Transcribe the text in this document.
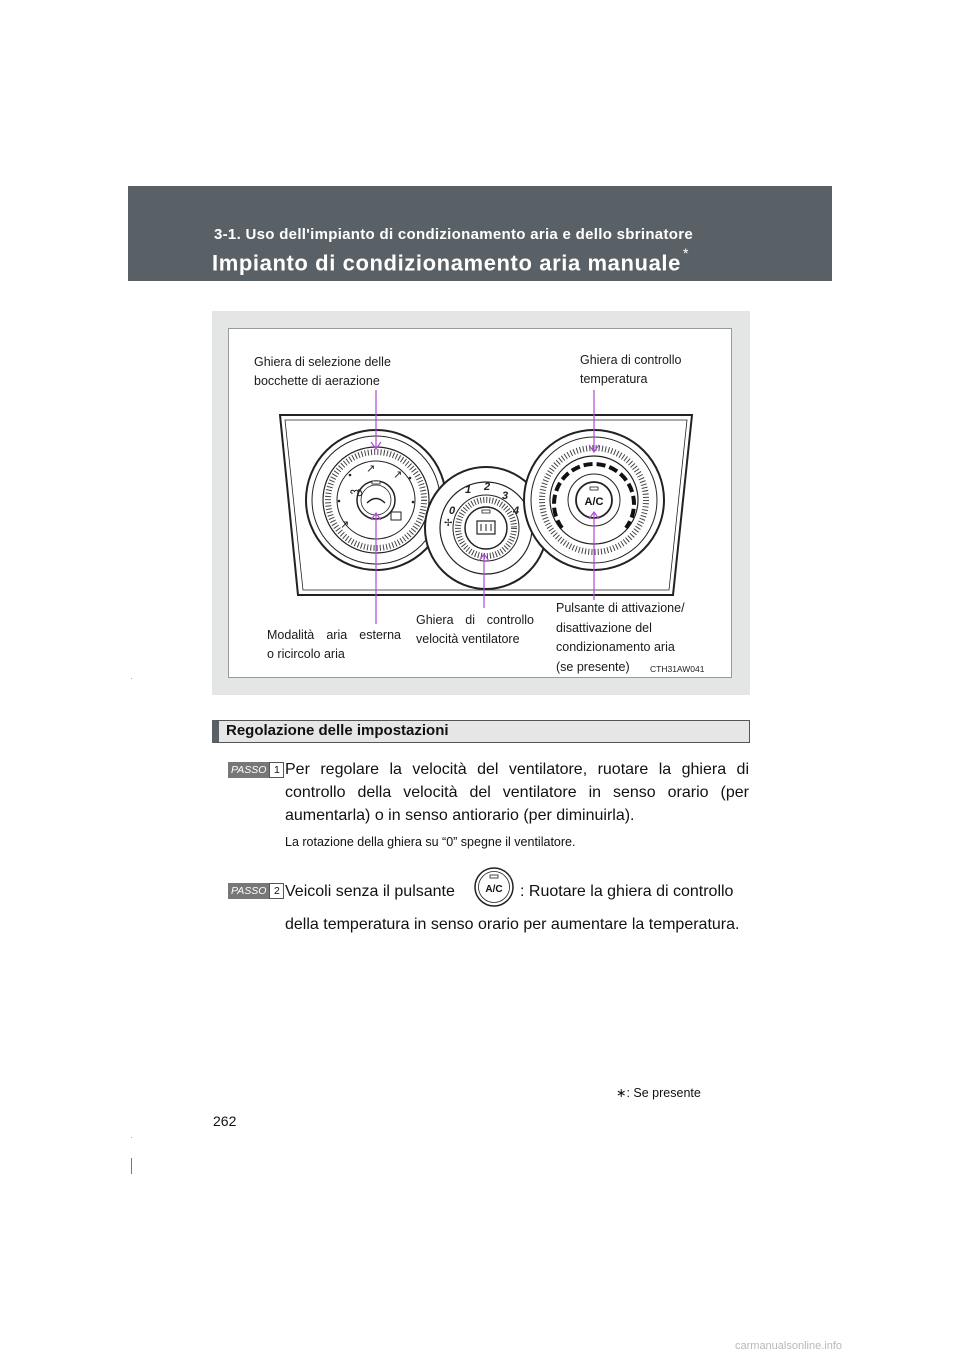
3-1. Uso dell'impianto di condizionamento aria e dello sbrinatore
Impianto di condizionamento aria manuale *
ಌ
↗
↗ ↗
0
1 2
3
4
✢
A/C
Ghiera di selezione delle
bocchette di aerazione
Ghiera di controllo
temperatura
Modalità aria esterna
o ricircolo aria
Ghiera di controllo
velocità ventilatore
Pulsante di attivazione/
disattivazione del
condizionamento aria
(se presente)	CTH31AW041
Regolazione delle impostazioni
PASSO 1 Per regolare la velocità del ventilatore, ruotare la ghiera di controllo della velocità del ventilatore in senso orario (per aumentarla) o in senso antiorario (per diminuirla).
La rotazione della ghiera su “0” spegne il ventilatore.
PASSO 2 Veicoli senza il pulsante	A/C : Ruotare la ghiera di controllo
della temperatura in senso orario per aumentare la temperatura.
∗: Se presente
262
carmanualsonline.info
